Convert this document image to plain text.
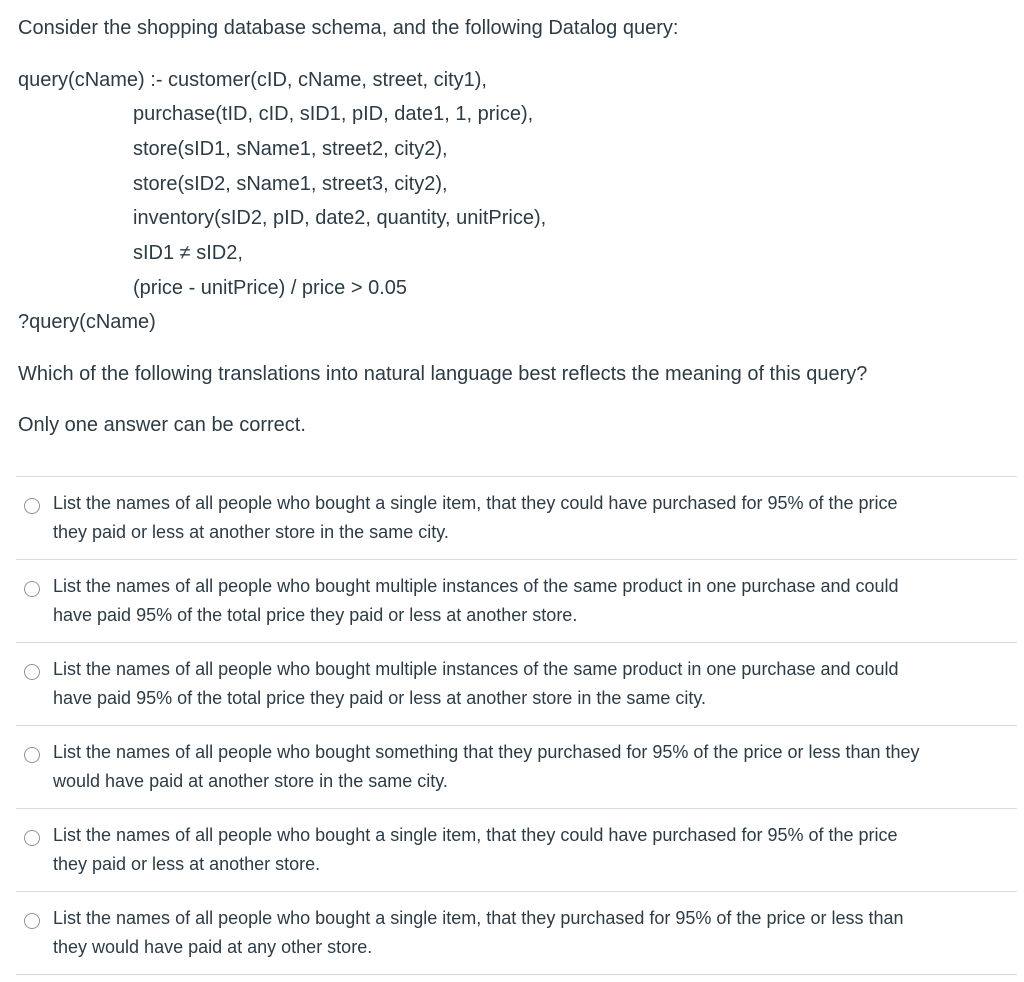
Consider the shopping database schema, and the following Datalog query:
query(cName) :- customer(cID, cName, street, city1),
purchase(tID, cID, sID1, pID, date1, 1, price),
store(sID1, sName1, street2, city2),
store(sID2, sName1, street3, city2),
inventory(sID2, pID, date2, quantity, unitPrice),
sID1 ≠ sID2,
(price - unitPrice) / price > 0.05
?query(cName)
Which of the following translations into natural language best reflects the meaning of this query?
Only one answer can be correct.
List the names of all people who bought a single item, that they could have purchased for 95% of the price
they paid or less at another store in the same city.
List the names of all people who bought multiple instances of the same product in one purchase and could
have paid 95% of the total price they paid or less at another store.
List the names of all people who bought multiple instances of the same product in one purchase and could
have paid 95% of the total price they paid or less at another store in the same city.
List the names of all people who bought something that they purchased for 95% of the price or less than they
would have paid at another store in the same city.
List the names of all people who bought a single item, that they could have purchased for 95% of the price
they paid or less at another store.
List the names of all people who bought a single item, that they purchased for 95% of the price or less than
they would have paid at any other store.
